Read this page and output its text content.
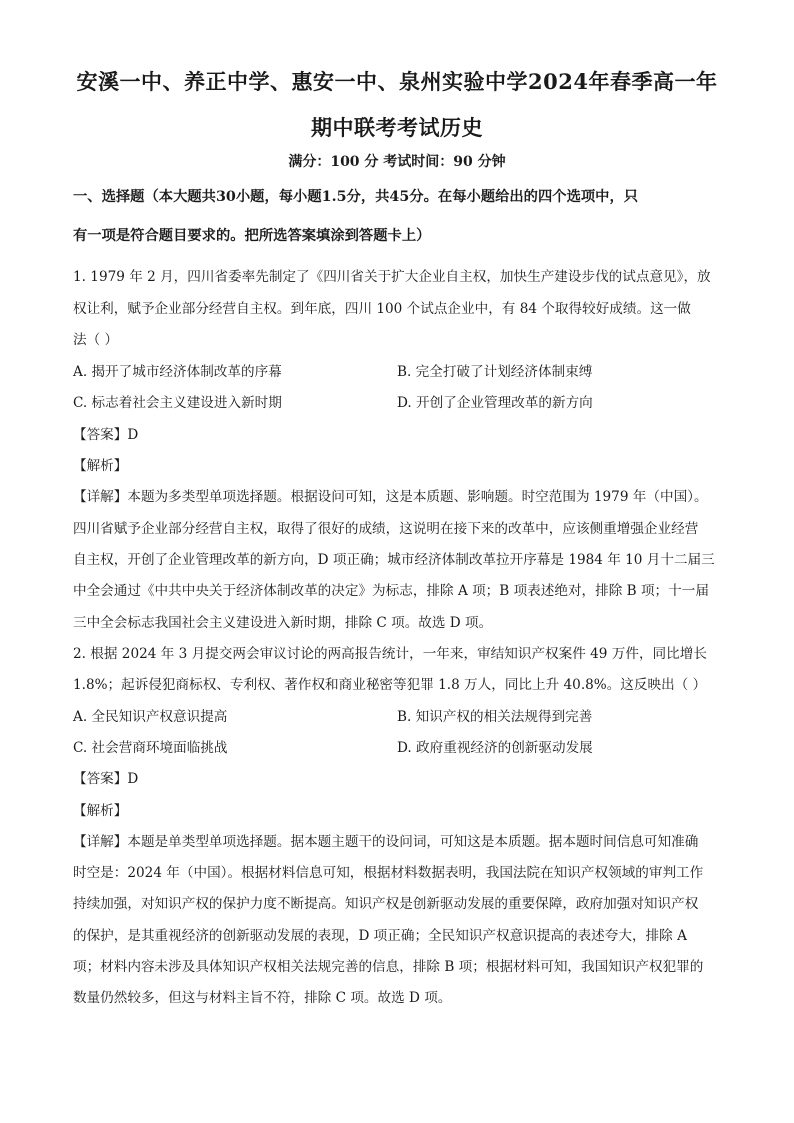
安溪一中、养正中学、惠安一中、泉州实验中学2024年春季高一年
期中联考考试历史
满分：100 分 考试时间：90 分钟
一、选择题（本大题共30小题，每小题1.5分，共45分。在每小题给出的四个选项中，只
有一项是符合题目要求的。把所选答案填涂到答题卡上）
1. 1979 年 2 月，四川省委率先制定了《四川省关于扩大企业自主权，加快生产建设步伐的试点意见》，放
权让利，赋予企业部分经营自主权。到年底，四川 100 个试点企业中，有 84 个取得较好成绩。这一做
法（ ）
A. 揭开了城市经济体制改革的序幕	B. 完全打破了计划经济体制束缚
C. 标志着社会主义建设进入新时期	D. 开创了企业管理改革的新方向
【答案】D
【解析】
【详解】本题为多类型单项选择题。根据设问可知，这是本质题、影响题。时空范围为 1979 年（中国）。
四川省赋予企业部分经营自主权，取得了很好的成绩，这说明在接下来的改革中，应该侧重增强企业经营
自主权，开创了企业管理改革的新方向，D 项正确；城市经济体制改革拉开序幕是 1984 年 10 月十二届三
中全会通过《中共中央关于经济体制改革的决定》为标志，排除 A 项；B 项表述绝对，排除 B 项；十一届
三中全会标志我国社会主义建设进入新时期，排除 C 项。故选 D 项。
2. 根据 2024 年 3 月提交两会审议讨论的两高报告统计，一年来，审结知识产权案件 49 万件，同比增长
1.8%；起诉侵犯商标权、专利权、著作权和商业秘密等犯罪 1.8 万人，同比上升 40.8%。这反映出（ ）
A. 全民知识产权意识提高	B. 知识产权的相关法规得到完善
C. 社会营商环境面临挑战	D. 政府重视经济的创新驱动发展
【答案】D
【解析】
【详解】本题是单类型单项选择题。据本题主题干的设问词，可知这是本质题。据本题时间信息可知准确
时空是：2024 年（中国）。根据材料信息可知，根据材料数据表明，我国法院在知识产权领域的审判工作
持续加强，对知识产权的保护力度不断提高。知识产权是创新驱动发展的重要保障，政府加强对知识产权
的保护，是其重视经济的创新驱动发展的表现，D 项正确；全民知识产权意识提高的表述夸大，排除 A
项；材料内容未涉及具体知识产权相关法规完善的信息，排除 B 项；根据材料可知，我国知识产权犯罪的
数量仍然较多，但这与材料主旨不符，排除 C 项。故选 D 项。
